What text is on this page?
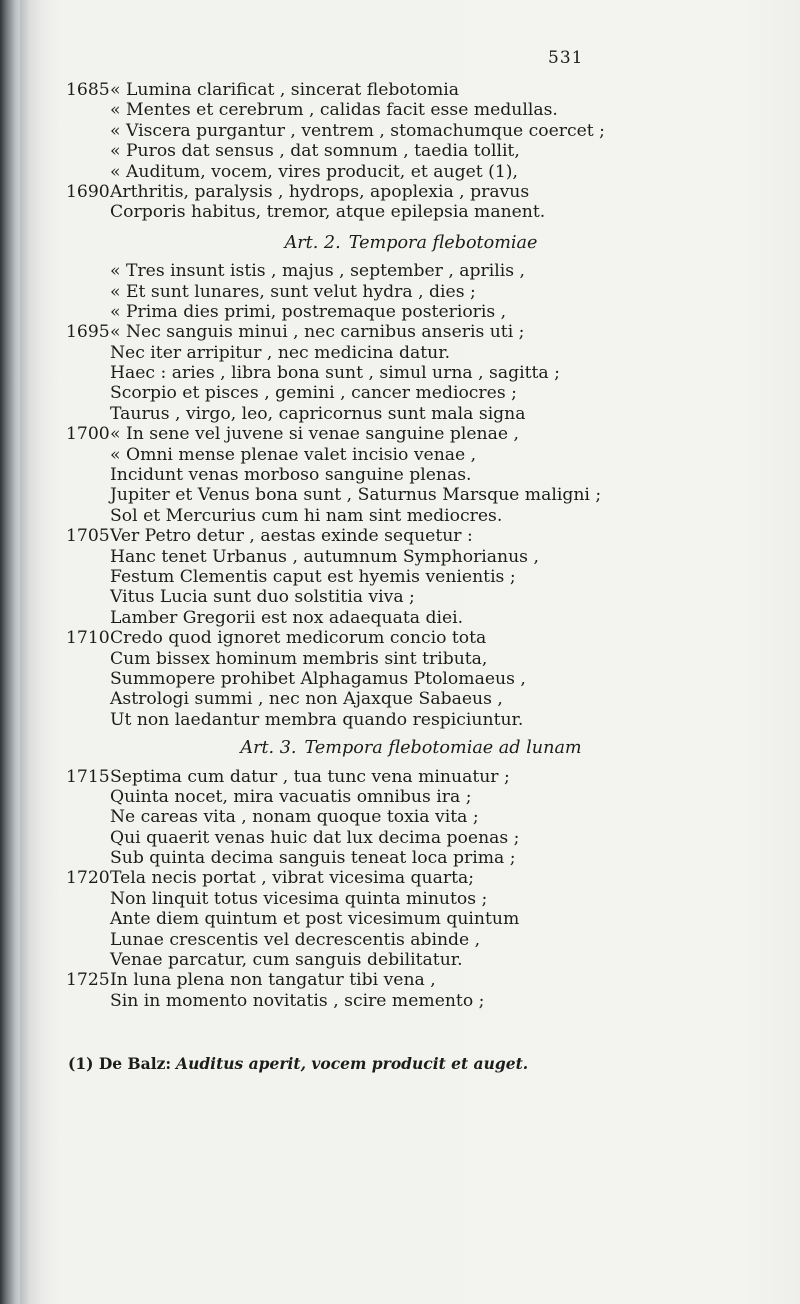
531
1685 « Lumina clarificat , sincerat flebotomia
« Mentes et cerebrum , calidas facit esse medullas.
« Viscera purgantur , ventrem , stomachumque coercet ;
« Puros dat sensus , dat somnum , taedia tollit,
« Auditum, vocem, vires producit, et auget (1),
1690 Arthritis, paralysis , hydrops, apoplexia , pravus
Corporis habitus, tremor, atque epilepsia manent.
Art. 2. Tempora flebotomiae
« Tres insunt istis , majus , september , aprilis ,
« Et sunt lunares, sunt velut hydra , dies ;
« Prima dies primi, postremaque posterioris ,
1695 « Nec sanguis minui , nec carnibus anseris uti ;
Nec iter arripitur , nec medicina datur.
Haec : aries , libra bona sunt , simul urna , sagitta ;
Scorpio et pisces , gemini , cancer mediocres ;
Taurus , virgo, leo, capricornus sunt mala signa
1700 « In sene vel juvene si venae sanguine plenae ,
« Omni mense plenae valet incisio venae ,
Incidunt venas morboso sanguine plenas.
Jupiter et Venus bona sunt , Saturnus Marsque maligni ;
Sol et Mercurius cum hi nam sint mediocres.
1705 Ver Petro detur , aestas exinde sequetur :
Hanc tenet Urbanus , autumnum Symphorianus ,
Festum Clementis caput est hyemis venientis ;
Vitus Lucia sunt duo solstitia viva ;
Lamber Gregorii est nox adaequata diei.
1710 Credo quod ignoret medicorum concio tota
Cum bissex hominum membris sint tributa,
Summopere prohibet Alphagamus Ptolomaeus ,
Astrologi summi , nec non Ajaxque Sabaeus ,
Ut non laedantur membra quando respiciuntur.
Art. 3. Tempora flebotomiae ad lunam
1715 Septima cum datur , tua tunc vena minuatur ;
Quinta nocet, mira vacuatis omnibus ira ;
Ne careas vita , nonam quoque toxia vita ;
Qui quaerit venas huic dat lux decima poenas ;
Sub quinta decima sanguis teneat loca prima ;
1720 Tela necis portat , vibrat vicesima quarta;
Non linquit totus vicesima quinta minutos ;
Ante diem quintum et post vicesimum quintum
Lunae crescentis vel decrescentis abinde ,
Venae parcatur, cum sanguis debilitatur.
1725 In luna plena non tangatur tibi vena ,
Sin in momento novitatis , scire memento ;
(1) De Balz: Auditus aperit, vocem producit et auget.
